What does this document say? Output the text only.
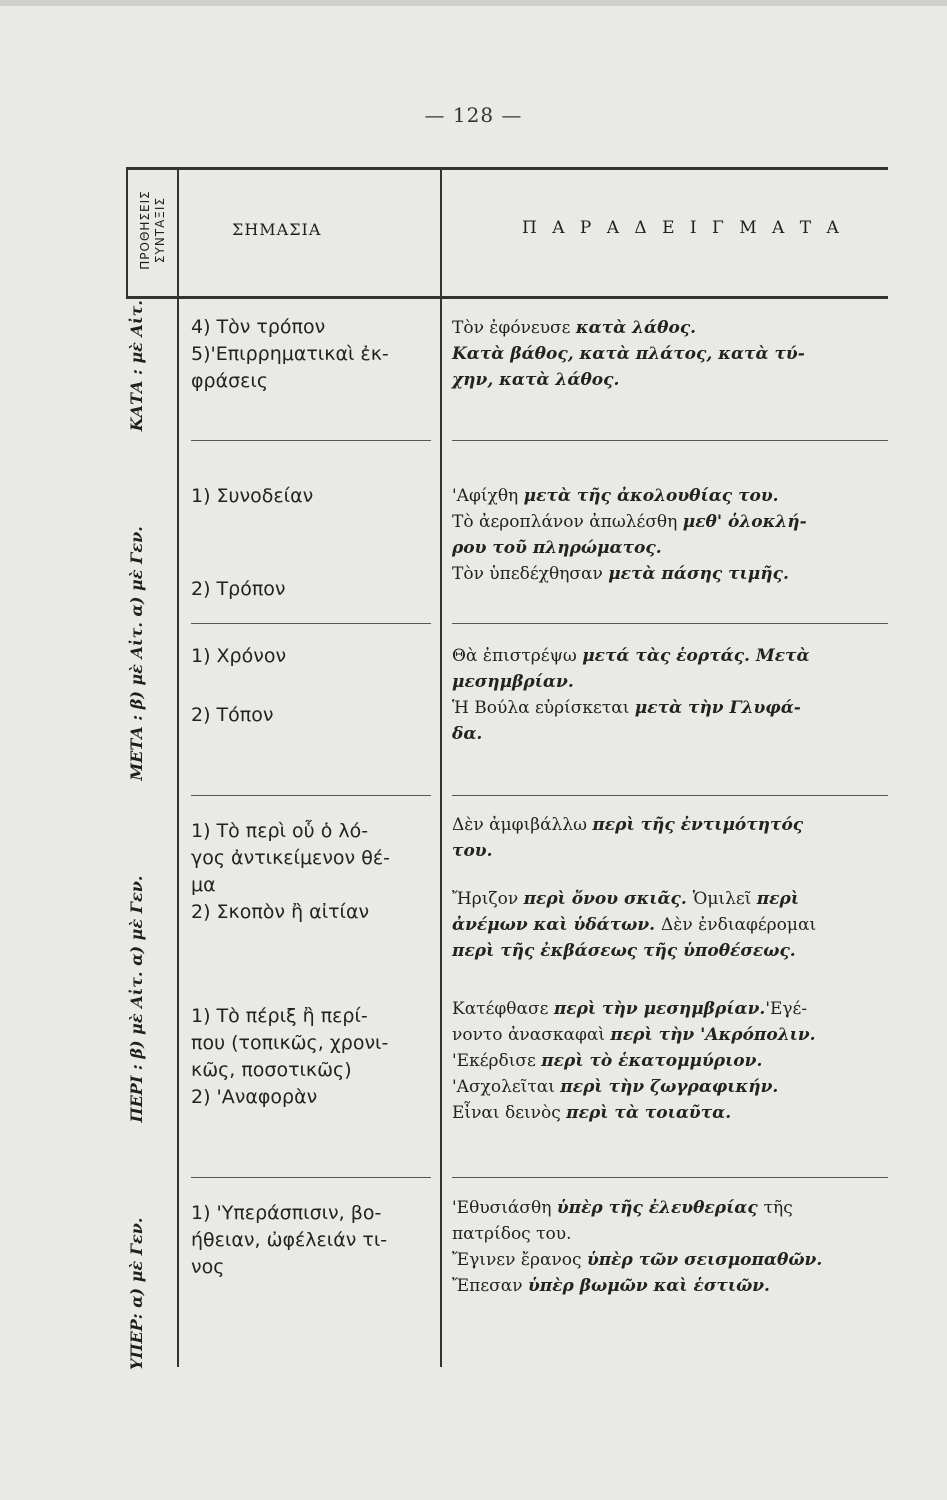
— 128 —
ΠΡΟΘΗΣΕΙΣ ΣΥΝΤΑΞΙΣ	ΣΗΜΑΣΙΑ	Π Α Ρ Α Δ Ε Ι Γ Μ Α Τ Α
ΥΠΕΡ: α) μὲ Γεν.
ΠΕΡΙ : β) μὲ Αἰτ. α) μὲ Γεν.
ΜΕΤΑ : β) μὲ Αἰτ. α) μὲ Γεν.
ΚΑΤΑ : μὲ Αἰτ. 4) Τὸν τρόπον

5)'Επιρρηματικαὶ ἐκ-

φράσεις

Τὸν ἐφόνευσε κατὰ λάθος.

Κατὰ βάθος, κατὰ πλάτος, κατὰ τύ-

χην, κατὰ λάθος.

1) Συνοδείαν

2) Τρόπον

'Αφίχθη μετὰ τῆς ἀκολουθίας του.

Τὸ ἀεροπλάνον ἀπωλέσθη μεθ' ὁλοκλή-

ρου τοῦ πληρώματος.

Τὸν ὑπεδέχθησαν μετὰ πάσης τιμῆς.

1) Χρόνον

2) Τόπον

Θὰ ἐπιστρέψω μετά τὰς ἑορτάς. Μετὰ

μεσημβρίαν.

Ἡ Βούλα εὑρίσκεται μετὰ τὴν Γλυφά-

δα.

1) Τὸ περὶ οὗ ὁ λό-

γος ἀντικείμενον θέ-

μα

2) Σκοπὸν ἢ αἰτίαν

Δὲν ἀμφιβάλλω περὶ τῆς ἐντιμότητός

του.

Ἤριζον περὶ ὄνου σκιᾶς. Ὁμιλεῖ περὶ

ἀνέμων καὶ ὑδάτων. Δὲν ἐνδιαφέρομαι

περὶ τῆς ἐκβάσεως τῆς ὑποθέσεως.

1) Τὸ πέριξ ἢ περί-

που (τοπικῶς, χρονι-

κῶς, ποσοτικῶς)

2) 'Αναφορὰν

Κατέφθασε περὶ τὴν μεσημβρίαν.'Εγέ-

νοντο ἀνασκαφαὶ περὶ τὴν 'Ακρόπολιν.

'Εκέρδισε περὶ τὸ ἑκατομμύριον.

'Ασχολεῖται περὶ τὴν ζωγραφικήν.

Εἶναι δεινὸς περὶ τὰ τοιαῦτα.

1) 'Υπεράσπισιν, βο-

ήθειαν, ὠφέλειάν τι-

νος

'Εθυσιάσθη ὑπὲρ τῆς ἐλευθερίας τῆς

πατρίδος του.

Ἔγινεν ἔρανος ὑπὲρ τῶν σεισμοπαθῶν.

Ἔπεσαν ὑπὲρ βωμῶν καὶ ἑστιῶν.
